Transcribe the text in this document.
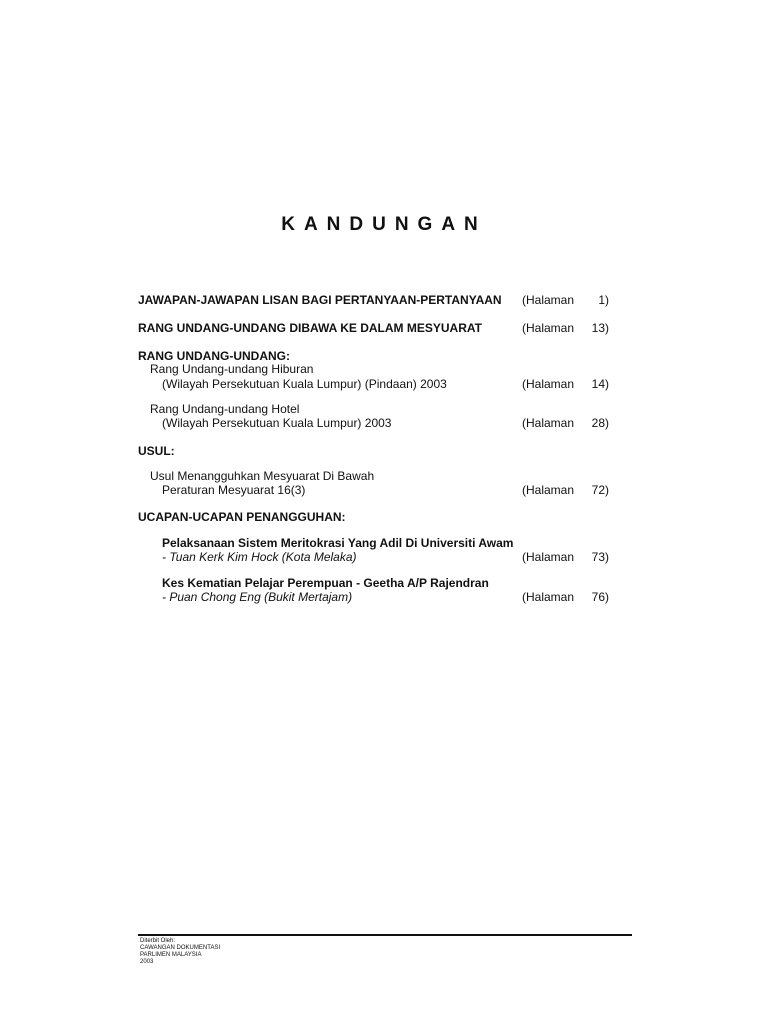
KANDUNGAN
JAWAPAN-JAWAPAN LISAN BAGI PERTANYAAN-PERTANYAAN (Halaman	1)
RANG UNDANG-UNDANG DIBAWA KE DALAM MESYUARAT	(Halaman	13)
RANG UNDANG-UNDANG:
Rang Undang-undang Hiburan
(Wilayah Persekutuan Kuala Lumpur) (Pindaan) 2003	(Halaman	14)
Rang Undang-undang Hotel
(Wilayah Persekutuan Kuala Lumpur) 2003	(Halaman	28)
USUL:
Usul Menangguhkan Mesyuarat Di Bawah
Peraturan Mesyuarat 16(3)	(Halaman	72)
UCAPAN-UCAPAN PENANGGUHAN:
Pelaksanaan Sistem Meritokrasi Yang Adil Di Universiti Awam
- Tuan Kerk Kim Hock (Kota Melaka)	(Halaman	73)
Kes Kematian Pelajar Perempuan - Geetha A/P Rajendran
- Puan Chong Eng (Bukit Mertajam)	(Halaman	76)
Diterbit Oleh:
CAWANGAN DOKUMENTASI
PARLIMEN MALAYSIA
2003
